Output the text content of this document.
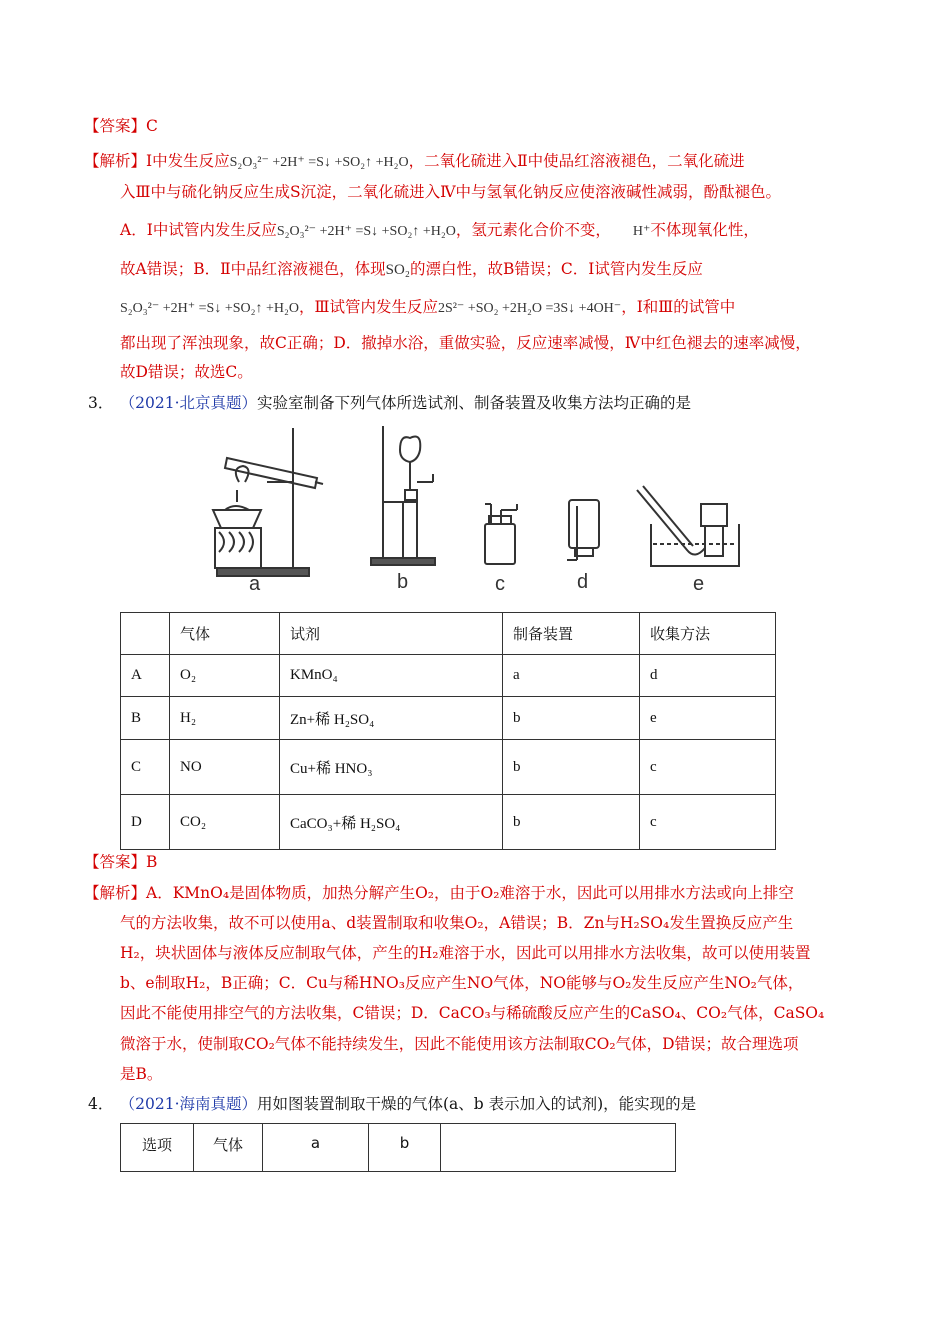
【答案】C
【解析】Ⅰ中发生反应S₂O₃²⁻ +2H⁺ =S↓ +SO₂↑ +H₂O，二氧化硫进入Ⅱ中使品红溶液褪色，二氧化硫进
入Ⅲ中与硫化钠反应生成S沉淀，二氧化硫进入Ⅳ中与氢氧化钠反应使溶液碱性减弱，酚酞褪色。
A．Ⅰ中试管内发生反应S₂O₃²⁻ +2H⁺ =S↓ +SO₂↑ +H₂O，氢元素化合价不变， H⁺不体现氧化性，
故A错误；B．Ⅱ中品红溶液褪色，体现SO₂的漂白性，故B错误；C．Ⅰ试管内发生反应
S₂O₃²⁻ +2H⁺ =S↓ +SO₂↑ +H₂O，Ⅲ试管内发生反应2S²⁻ +SO₂ +2H₂O =3S↓ +4OH⁻，Ⅰ和Ⅲ的试管中
都出现了浑浊现象，故C正确；D．撤掉水浴，重做实验，反应速率减慢，Ⅳ中红色褪去的速率减慢，
故D错误；故选C。
3． （2021·北京真题）实验室制备下列气体所选试剂、制备装置及收集方法均正确的是
a	b	c	d	e
	气体	试剂	制备装置	收集方法
A	O₂	KMnO₄	a	d
B	H₂	Zn+稀 H₂SO₄	b	e
C	NO	Cu+稀 HNO₃	b	c
D	CO₂	CaCO₃+稀 H₂SO₄	b	c
【答案】B
【解析】A．KMnO₄是固体物质，加热分解产生O₂，由于O₂难溶于水，因此可以用排水方法或向上排空
气的方法收集，故不可以使用a、d装置制取和收集O₂，A错误；B．Zn与H₂SO₄发生置换反应产生
H₂，块状固体与液体反应制取气体，产生的H₂难溶于水，因此可以用排水方法收集，故可以使用装置
b、e制取H₂，B正确；C．Cu与稀HNO₃反应产生NO气体，NO能够与O₂发生反应产生NO₂气体，
因此不能使用排空气的方法收集，C错误；D．CaCO₃与稀硫酸反应产生的CaSO₄、CO₂气体，CaSO₄
微溶于水，使制取CO₂气体不能持续发生，因此不能使用该方法制取CO₂气体，D错误；故合理选项
是B。
4． （2021·海南真题）用如图装置制取干燥的气体(a、b 表示加入的试剂)，能实现的是
选项	气体	a	b	
